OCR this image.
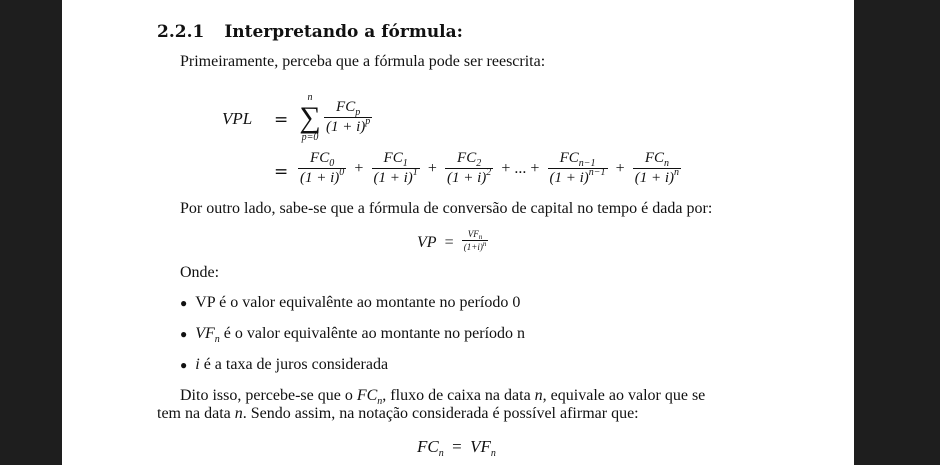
2.2.1 Interpretando a fórmula:
Primeiramente, perceba que a fórmula pode ser reescrita:
VPL =
n
∑
p=0
$\frac{FC_p}{(1 + i)^p}$
= $\frac{FC_0}{(1 + i)^0} + \frac{FC_1}{(1 + i)^1} + \frac{FC_2}{(1 + i)^2}$ + ... + $\frac{FC_{n-1}}{(1 + i)^{n-1}} + \frac{FC_n}{(1 + i)^n}$
Por outro lado, sabe-se que a fórmula de conversão de capital no tempo é dada por:
VP = $\frac{VF_n}{(1+i)^n}$
Onde:
● VP é o valor equivalênte ao montante no período 0
● $VF_n$ é o valor equivalênte ao montante no período n
● i é a taxa de juros considerada
Dito isso, percebe-se que o $FC_n$, fluxo de caixa na data n, equivale ao valor que se
tem na data n. Sendo assim, na notação considerada é possível afirmar que:
$FC_n = VF_n$
